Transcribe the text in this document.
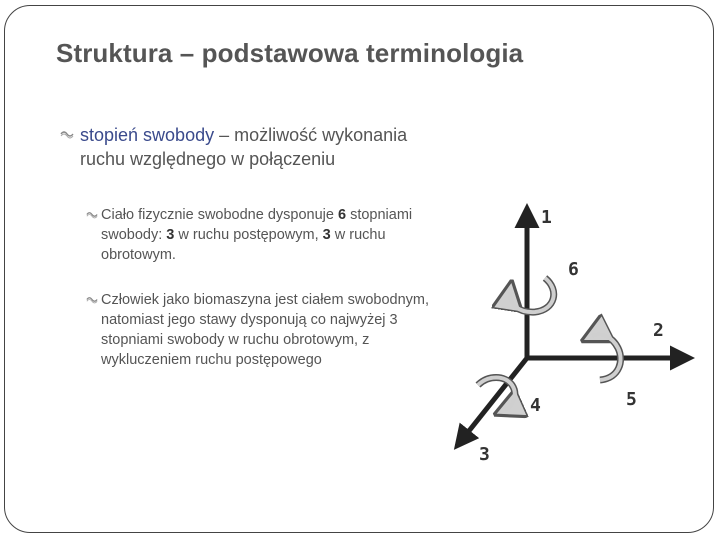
Struktura – podstawowa terminologia
stopień swobody – możliwość wykonania
ruchu względnego w połączeniu
Ciało fizycznie swobodne dysponuje 6 stopniami
swobody: 3 w ruchu postępowym, 3 w ruchu
obrotowym.
Człowiek jako biomaszyna jest ciałem swobodnym,
natomiast jego stawy dysponują co najwyżej 3
stopniami swobody w ruchu obrotowym, z
wykluczeniem ruchu postępowego
1
2
3
4	5
6
